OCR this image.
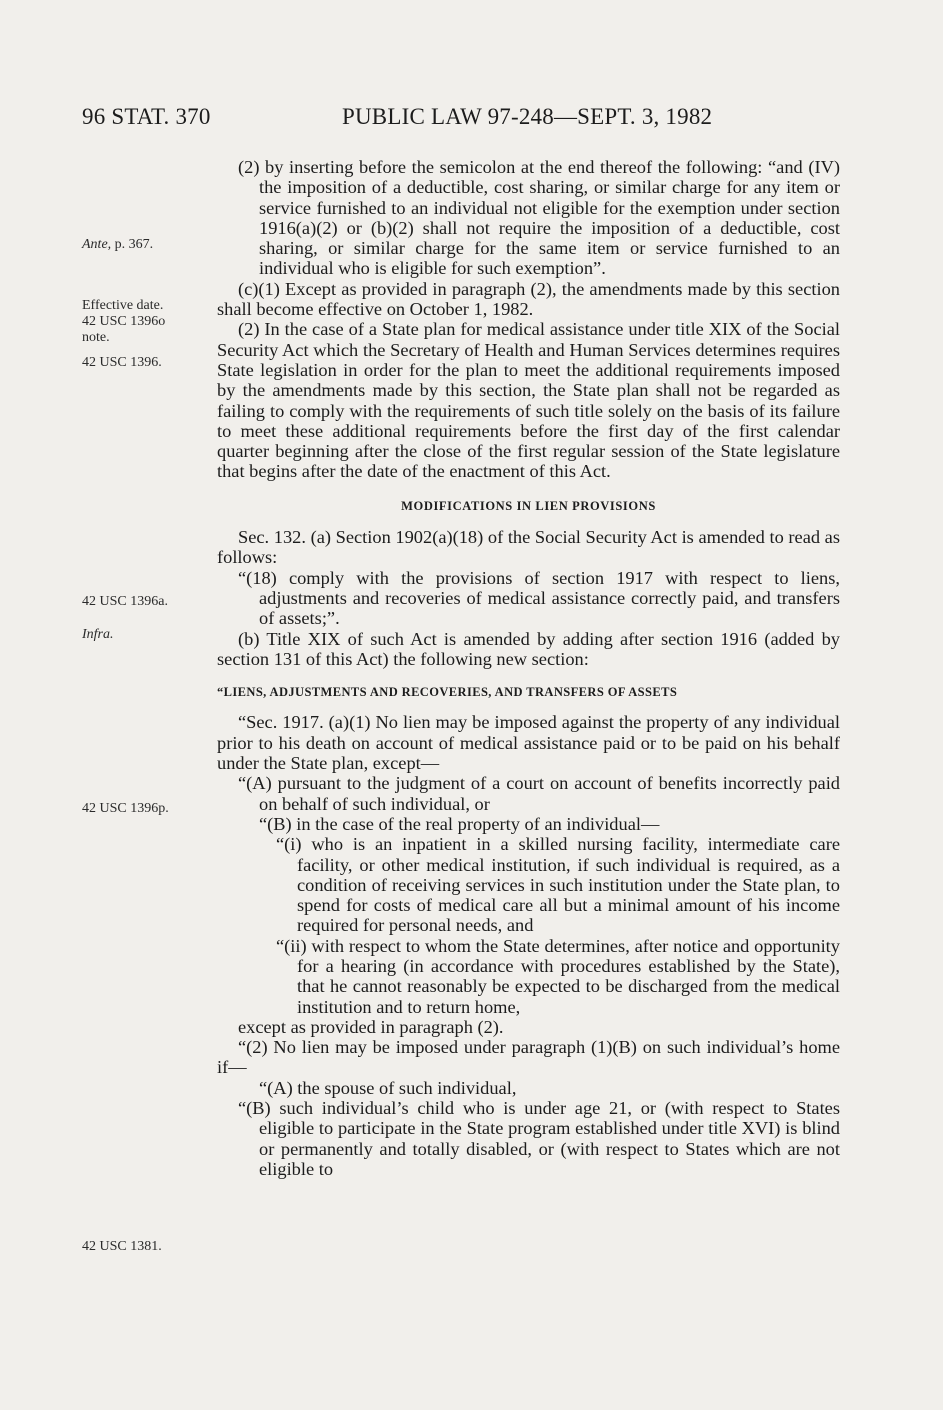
96 STAT. 370	PUBLIC LAW 97-248—SEPT. 3, 1982
Ante, p. 367.
Effective date.
42 USC 1396o
note.
42 USC 1396.
42 USC 1396a.
Infra.
42 USC 1396p.
42 USC 1381.

(2) by inserting before the semicolon at the end thereof the following: “and (IV) the imposition of a deductible, cost sharing, or similar charge for any item or service furnished to an individual not eligible for the exemption under section 1916(a)(2) or (b)(2) shall not require the imposition of a deductible, cost sharing, or similar charge for the same item or service furnished to an individual who is eligible for such exemption”.

(c)(1) Except as provided in paragraph (2), the amendments made by this section shall become effective on October 1, 1982.

(2) In the case of a State plan for medical assistance under title XIX of the Social Security Act which the Secretary of Health and Human Services determines requires State legislation in order for the plan to meet the additional requirements imposed by the amendments made by this section, the State plan shall not be regarded as failing to comply with the requirements of such title solely on the basis of its failure to meet these additional requirements before the first day of the first calendar quarter beginning after the close of the first regular session of the State legislature that begins after the date of the enactment of this Act.

MODIFICATIONS IN LIEN PROVISIONS

Sec. 132. (a) Section 1902(a)(18) of the Social Security Act is amended to read as follows:

“(18) comply with the provisions of section 1917 with respect to liens, adjustments and recoveries of medical assistance correctly paid, and transfers of assets;”.

(b) Title XIX of such Act is amended by adding after section 1916 (added by section 131 of this Act) the following new section:

“LIENS, ADJUSTMENTS AND RECOVERIES, AND TRANSFERS OF ASSETS

“Sec. 1917. (a)(1) No lien may be imposed against the property of any individual prior to his death on account of medical assistance paid or to be paid on his behalf under the State plan, except—

“(A) pursuant to the judgment of a court on account of benefits incorrectly paid on behalf of such individual, or

“(B) in the case of the real property of an individual—

“(i) who is an inpatient in a skilled nursing facility, intermediate care facility, or other medical institution, if such individual is required, as a condition of receiving services in such institution under the State plan, to spend for costs of medical care all but a minimal amount of his income required for personal needs, and

“(ii) with respect to whom the State determines, after notice and opportunity for a hearing (in accordance with procedures established by the State), that he cannot reasonably be expected to be discharged from the medical institution and to return home,

except as provided in paragraph (2).

“(2) No lien may be imposed under paragraph (1)(B) on such individual’s home if—

“(A) the spouse of such individual,

“(B) such individual’s child who is under age 21, or (with respect to States eligible to participate in the State program established under title XVI) is blind or permanently and totally disabled, or (with respect to States which are not eligible to
